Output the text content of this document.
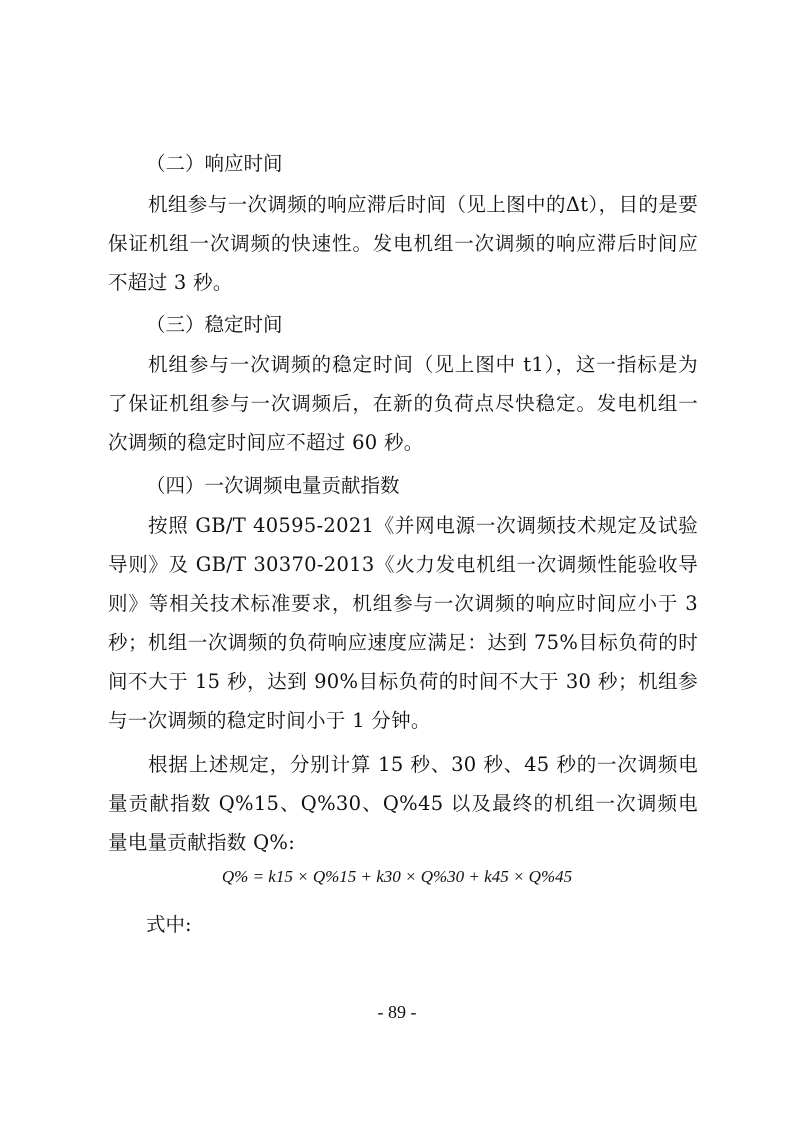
（二）响应时间

机组参与一次调频的响应滞后时间（见上图中的Δt），目的是要保证机组一次调频的快速性。发电机组一次调频的响应滞后时间应不超过 3 秒。

（三）稳定时间

机组参与一次调频的稳定时间（见上图中 t1），这一指标是为了保证机组参与一次调频后，在新的负荷点尽快稳定。发电机组一次调频的稳定时间应不超过 60 秒。

（四）一次调频电量贡献指数

按照 GB/T 40595-2021《并网电源一次调频技术规定及试验导则》及 GB/T 30370-2013《火力发电机组一次调频性能验收导则》等相关技术标准要求，机组参与一次调频的响应时间应小于 3 秒；机组一次调频的负荷响应速度应满足：达到 75%目标负荷的时间不大于 15 秒，达到 90%目标负荷的时间不大于 30 秒；机组参与一次调频的稳定时间小于 1 分钟。

根据上述规定，分别计算 15 秒、30 秒、45 秒的一次调频电量贡献指数 Q%15、Q%30、Q%45 以及最终的机组一次调频电量电量贡献指数 Q%:

Q% = k15 × Q%15 + k30 × Q%30 + k45 × Q%45
式中:
- 89 -
